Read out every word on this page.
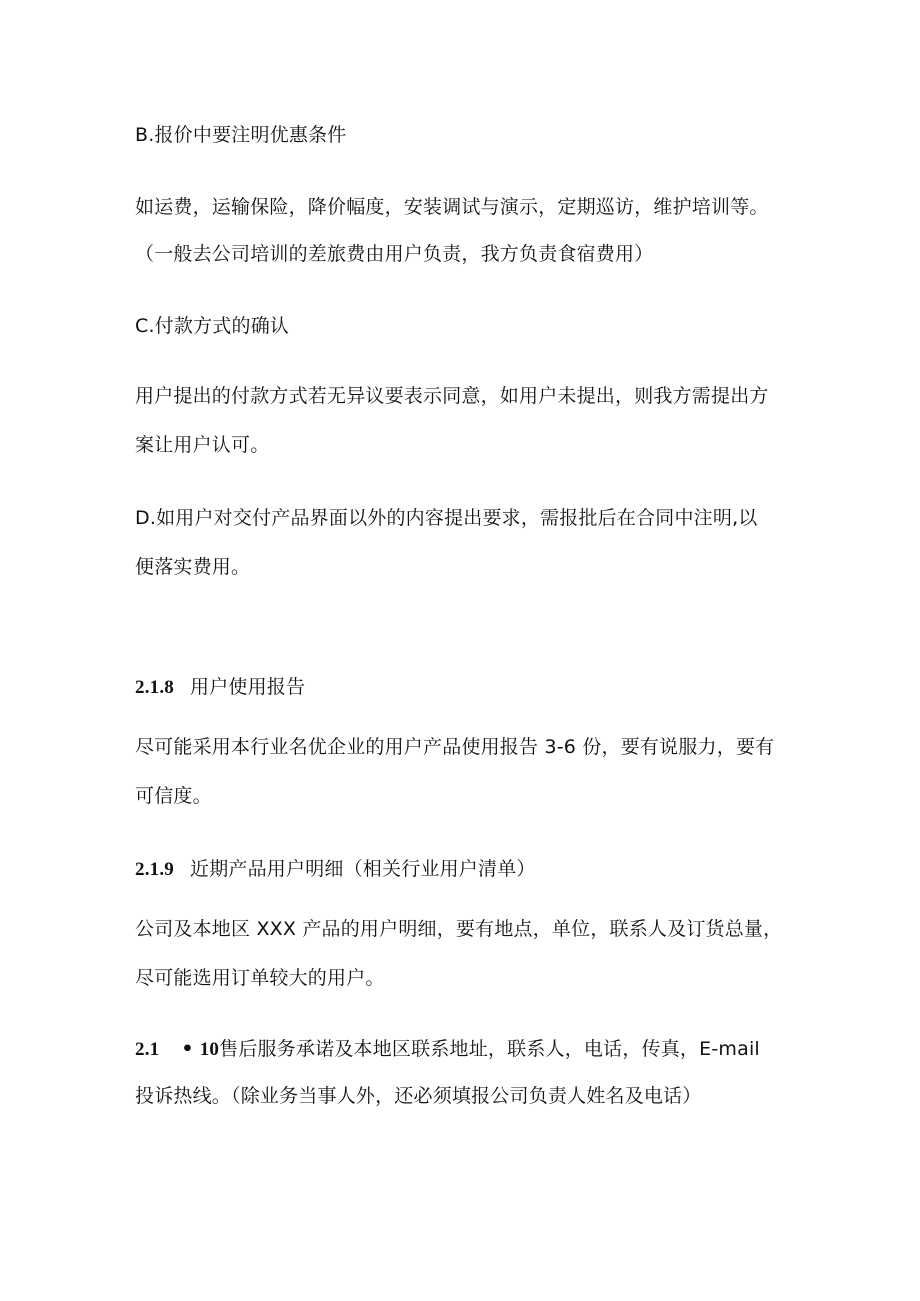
B.报价中要注明优惠条件
如运费，运输保险，降价幅度，安装调试与演示，定期巡访，维护培训等。
（一般去公司培训的差旅费由用户负责，我方负责食宿费用）
C.付款方式的确认
用户提出的付款方式若无异议要表示同意，如用户未提出，则我方需提出方
案让用户认可。
D.如用户对交付产品界面以外的内容提出要求，需报批后在合同中注明,以
便落实费用。
2.1.8 用户使用报告
尽可能采用本行业名优企业的用户产品使用报告 3-6 份，要有说服力，要有
可信度。
2.1.9 近期产品用户明细（相关行业用户清单）
公司及本地区 XXX 产品的用户明细，要有地点，单位，联系人及订货总量，
尽可能选用订单较大的用户。
2.1 • 10售后服务承诺及本地区联系地址，联系人，电话，传真，E-mail
投诉热线。（除业务当事人外，还必须填报公司负责人姓名及电话）
